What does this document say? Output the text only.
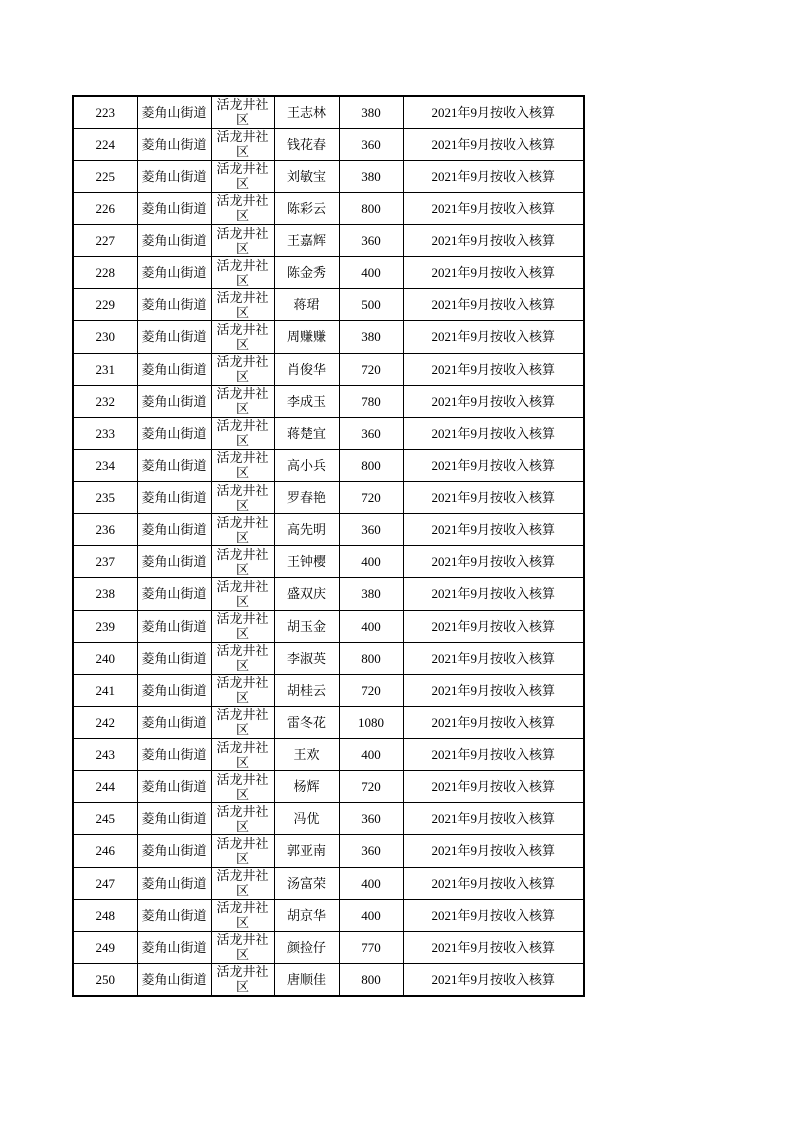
223	菱角山街道	活龙井社区	王志林	380	2021年9月按收入核算
224	菱角山街道	活龙井社区	钱花春	360	2021年9月按收入核算
225	菱角山街道	活龙井社区	刘敏宝	380	2021年9月按收入核算
226	菱角山街道	活龙井社区	陈彩云	800	2021年9月按收入核算
227	菱角山街道	活龙井社区	王嘉辉	360	2021年9月按收入核算
228	菱角山街道	活龙井社区	陈金秀	400	2021年9月按收入核算
229	菱角山街道	活龙井社区	蒋珺	500	2021年9月按收入核算
230	菱角山街道	活龙井社区	周赚赚	380	2021年9月按收入核算
231	菱角山街道	活龙井社区	肖俊华	720	2021年9月按收入核算
232	菱角山街道	活龙井社区	李成玉	780	2021年9月按收入核算
233	菱角山街道	活龙井社区	蒋楚宜	360	2021年9月按收入核算
234	菱角山街道	活龙井社区	高小兵	800	2021年9月按收入核算
235	菱角山街道	活龙井社区	罗春艳	720	2021年9月按收入核算
236	菱角山街道	活龙井社区	高先明	360	2021年9月按收入核算
237	菱角山街道	活龙井社区	王钟樱	400	2021年9月按收入核算
238	菱角山街道	活龙井社区	盛双庆	380	2021年9月按收入核算
239	菱角山街道	活龙井社区	胡玉金	400	2021年9月按收入核算
240	菱角山街道	活龙井社区	李淑英	800	2021年9月按收入核算
241	菱角山街道	活龙井社区	胡桂云	720	2021年9月按收入核算
242	菱角山街道	活龙井社区	雷冬花	1080	2021年9月按收入核算
243	菱角山街道	活龙井社区	王欢	400	2021年9月按收入核算
244	菱角山街道	活龙井社区	杨辉	720	2021年9月按收入核算
245	菱角山街道	活龙井社区	冯优	360	2021年9月按收入核算
246	菱角山街道	活龙井社区	郭亚南	360	2021年9月按收入核算
247	菱角山街道	活龙井社区	汤富荣	400	2021年9月按收入核算
248	菱角山街道	活龙井社区	胡京华	400	2021年9月按收入核算
249	菱角山街道	活龙井社区	颜捡仔	770	2021年9月按收入核算
250	菱角山街道	活龙井社区	唐顺佳	800	2021年9月按收入核算
